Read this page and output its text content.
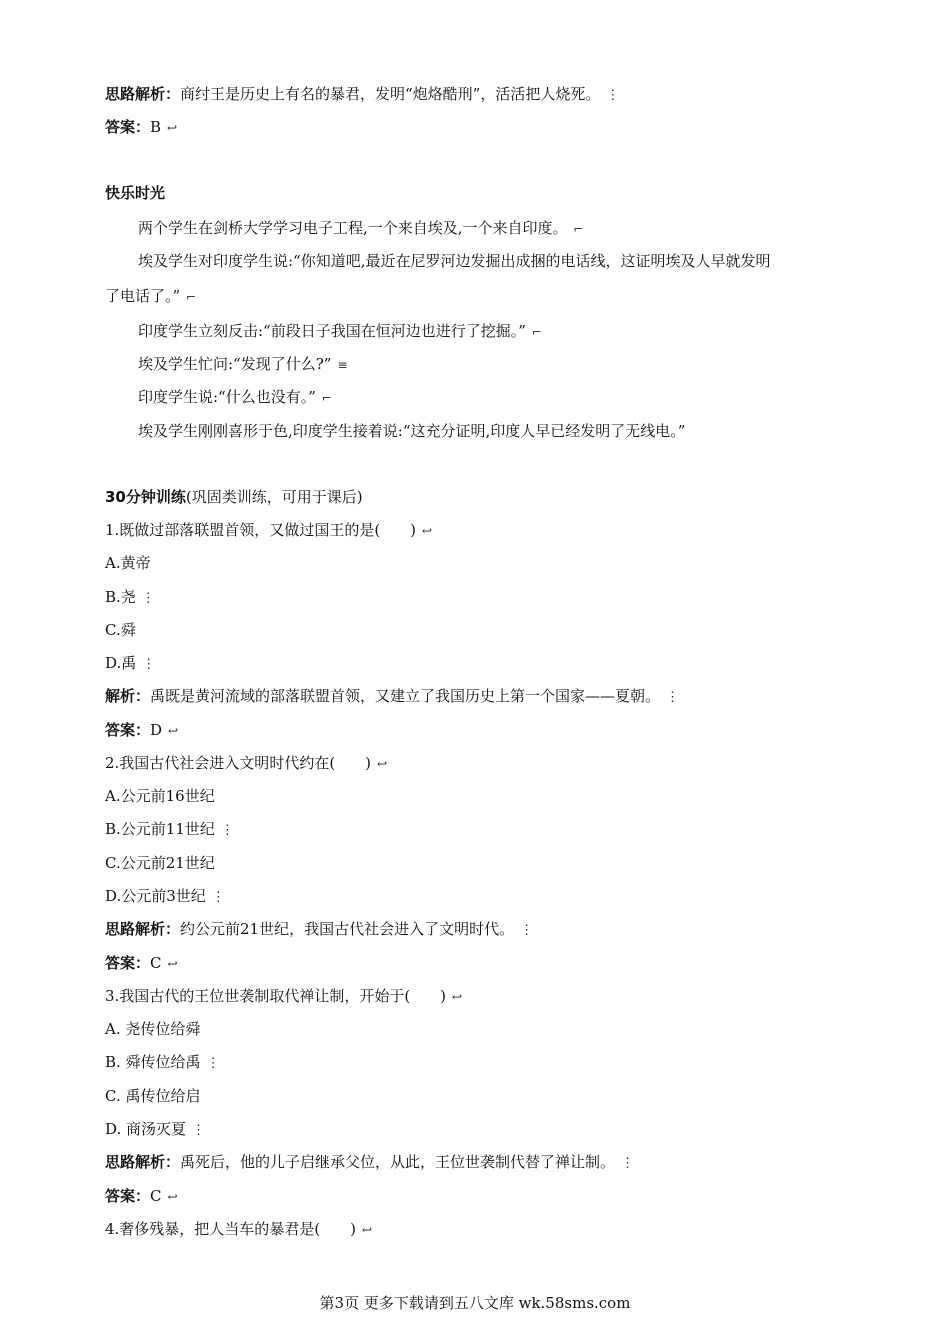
思路解析：商纣王是历史上有名的暴君，发明“炮烙酷刑”，活活把人烧死。 ⋮
答案：B ↩
快乐时光
两个学生在剑桥大学学习电子工程,一个来自埃及,一个来自印度。 ⌐
埃及学生对印度学生说:“你知道吧,最近在尼罗河边发掘出成捆的电话线，这证明埃及人早就发明
了电话了。” ⌐
印度学生立刻反击:“前段日子我国在恒河边也进行了挖掘。” ⌐
埃及学生忙问:“发现了什么?” ≡
印度学生说:“什么也没有。” ⌐
埃及学生刚刚喜形于色,印度学生接着说:“这充分证明,印度人早已经发明了无线电。”
30分钟训练(巩固类训练，可用于课后)
1.既做过部落联盟首领，又做过国王的是(　　) ↩
A.黄帝
B.尧 ⋮
C.舜
D.禹 ⋮
解析：禹既是黄河流域的部落联盟首领，又建立了我国历史上第一个国家——夏朝。 ⋮
答案：D ↩
2.我国古代社会进入文明时代约在(　　) ↩
A.公元前16世纪
B.公元前11世纪 ⋮
C.公元前21世纪
D.公元前3世纪 ⋮
思路解析：约公元前21世纪，我国古代社会进入了文明时代。 ⋮
答案：C ↩
3.我国古代的王位世袭制取代禅让制，开始于(　　) ↩
A. 尧传位给舜
B. 舜传位给禹 ⋮
C. 禹传位给启
D. 商汤灭夏 ⋮
思路解析：禹死后，他的儿子启继承父位，从此，王位世袭制代替了禅让制。 ⋮
答案：C ↩
4.奢侈残暴，把人当车的暴君是(　　) ↩
第3页 更多下载请到五八文库 wk.58sms.com
